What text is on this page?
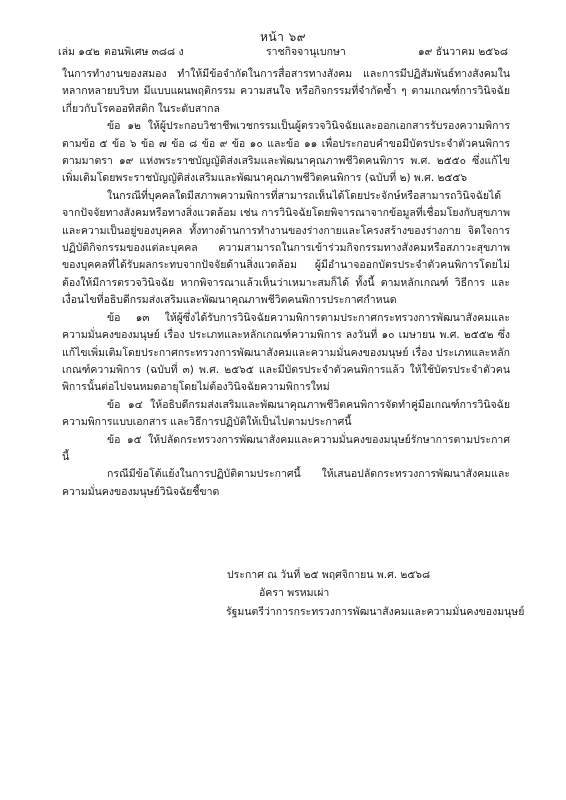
หน้า ๖๙
เล่ม ๑๔๒ ตอนพิเศษ ๓๘๘ ง	ราชกิจจานุเบกษา	๑๙ ธันวาคม ๒๕๖๘

ในการทำงานของสมอง ทำให้มีข้อจำกัดในการสื่อสารทางสังคม และการมีปฏิสัมพันธ์ทางสังคมในหลากหลายบริบท มีแบบแผนพฤติกรรม ความสนใจ หรือกิจกรรมที่จำกัดซ้ำ ๆ ตามเกณฑ์การวินิจฉัยเกี่ยวกับโรคออทิสติก ในระดับสากล

ข้อ ๑๒ ให้ผู้ประกอบวิชาชีพเวชกรรมเป็นผู้ตรวจวินิจฉัยและออกเอกสารรับรองความพิการตามข้อ ๕ ข้อ ๖ ข้อ ๗ ข้อ ๘ ข้อ ๙ ข้อ ๑๐ และข้อ ๑๑ เพื่อประกอบคำขอมีบัตรประจำตัวคนพิการตามมาตรา ๑๙ แห่งพระราชบัญญัติส่งเสริมและพัฒนาคุณภาพชีวิตคนพิการ พ.ศ. ๒๕๕๐ ซึ่งแก้ไขเพิ่มเติมโดยพระราชบัญญัติส่งเสริมและพัฒนาคุณภาพชีวิตคนพิการ (ฉบับที่ ๒) พ.ศ. ๒๕๕๖

ในกรณีที่บุคคลใดมีสภาพความพิการที่สามารถเห็นได้โดยประจักษ์หรือสามารถวินิจฉัยได้จากปัจจัยทางสังคมหรือทางสิ่งแวดล้อม เช่น การวินิจฉัยโดยพิจารณาจากข้อมูลที่เชื่อมโยงกับสุขภาพและความเป็นอยู่ของบุคคล ทั้งทางด้านการทำงานของร่างกายและโครงสร้างของร่างกาย จิตใจการปฏิบัติกิจกรรมของแต่ละบุคคล ความสามารถในการเข้าร่วมกิจกรรมทางสังคมหรือสภาวะสุขภาพของบุคคลที่ได้รับผลกระทบจากปัจจัยด้านสิ่งแวดล้อม ผู้มีอำนาจออกบัตรประจำตัวคนพิการโดยไม่ต้องให้มีการตรวจวินิจฉัย หากพิจารณาแล้วเห็นว่าเหมาะสมก็ได้ ทั้งนี้ ตามหลักเกณฑ์ วิธีการ และเงื่อนไขที่อธิบดีกรมส่งเสริมและพัฒนาคุณภาพชีวิตคนพิการประกาศกำหนด

ข้อ ๑๓ ให้ผู้ซึ่งได้รับการวินิจฉัยความพิการตามประกาศกระทรวงการพัฒนาสังคมและความมั่นคงของมนุษย์ เรื่อง ประเภทและหลักเกณฑ์ความพิการ ลงวันที่ ๑๐ เมษายน พ.ศ. ๒๕๕๒ ซึ่งแก้ไขเพิ่มเติมโดยประกาศกระทรวงการพัฒนาสังคมและความมั่นคงของมนุษย์ เรื่อง ประเภทและหลักเกณฑ์ความพิการ (ฉบับที่ ๓) พ.ศ. ๒๕๖๕ และมีบัตรประจำตัวคนพิการแล้ว ให้ใช้บัตรประจำตัวคนพิการนั้นต่อไปจนหมดอายุโดยไม่ต้องวินิจฉัยความพิการใหม่

ข้อ ๑๔ ให้อธิบดีกรมส่งเสริมและพัฒนาคุณภาพชีวิตคนพิการจัดทำคู่มือเกณฑ์การวินิจฉัยความพิการแบบเอกสาร และวิธีการปฏิบัติให้เป็นไปตามประกาศนี้

ข้อ ๑๕ ให้ปลัดกระทรวงการพัฒนาสังคมและความมั่นคงของมนุษย์รักษาการตามประกาศนี้

กรณีมีข้อโต้แย้งในการปฏิบัติตามประกาศนี้ ให้เสนอปลัดกระทรวงการพัฒนาสังคมและความมั่นคงของมนุษย์วินิจฉัยชี้ขาด

ประกาศ ณ วันที่ ๒๕ พฤศจิกายน พ.ศ. ๒๕๖๘
อัครา พรหมเผ่า
รัฐมนตรีว่าการกระทรวงการพัฒนาสังคมและความมั่นคงของมนุษย์
